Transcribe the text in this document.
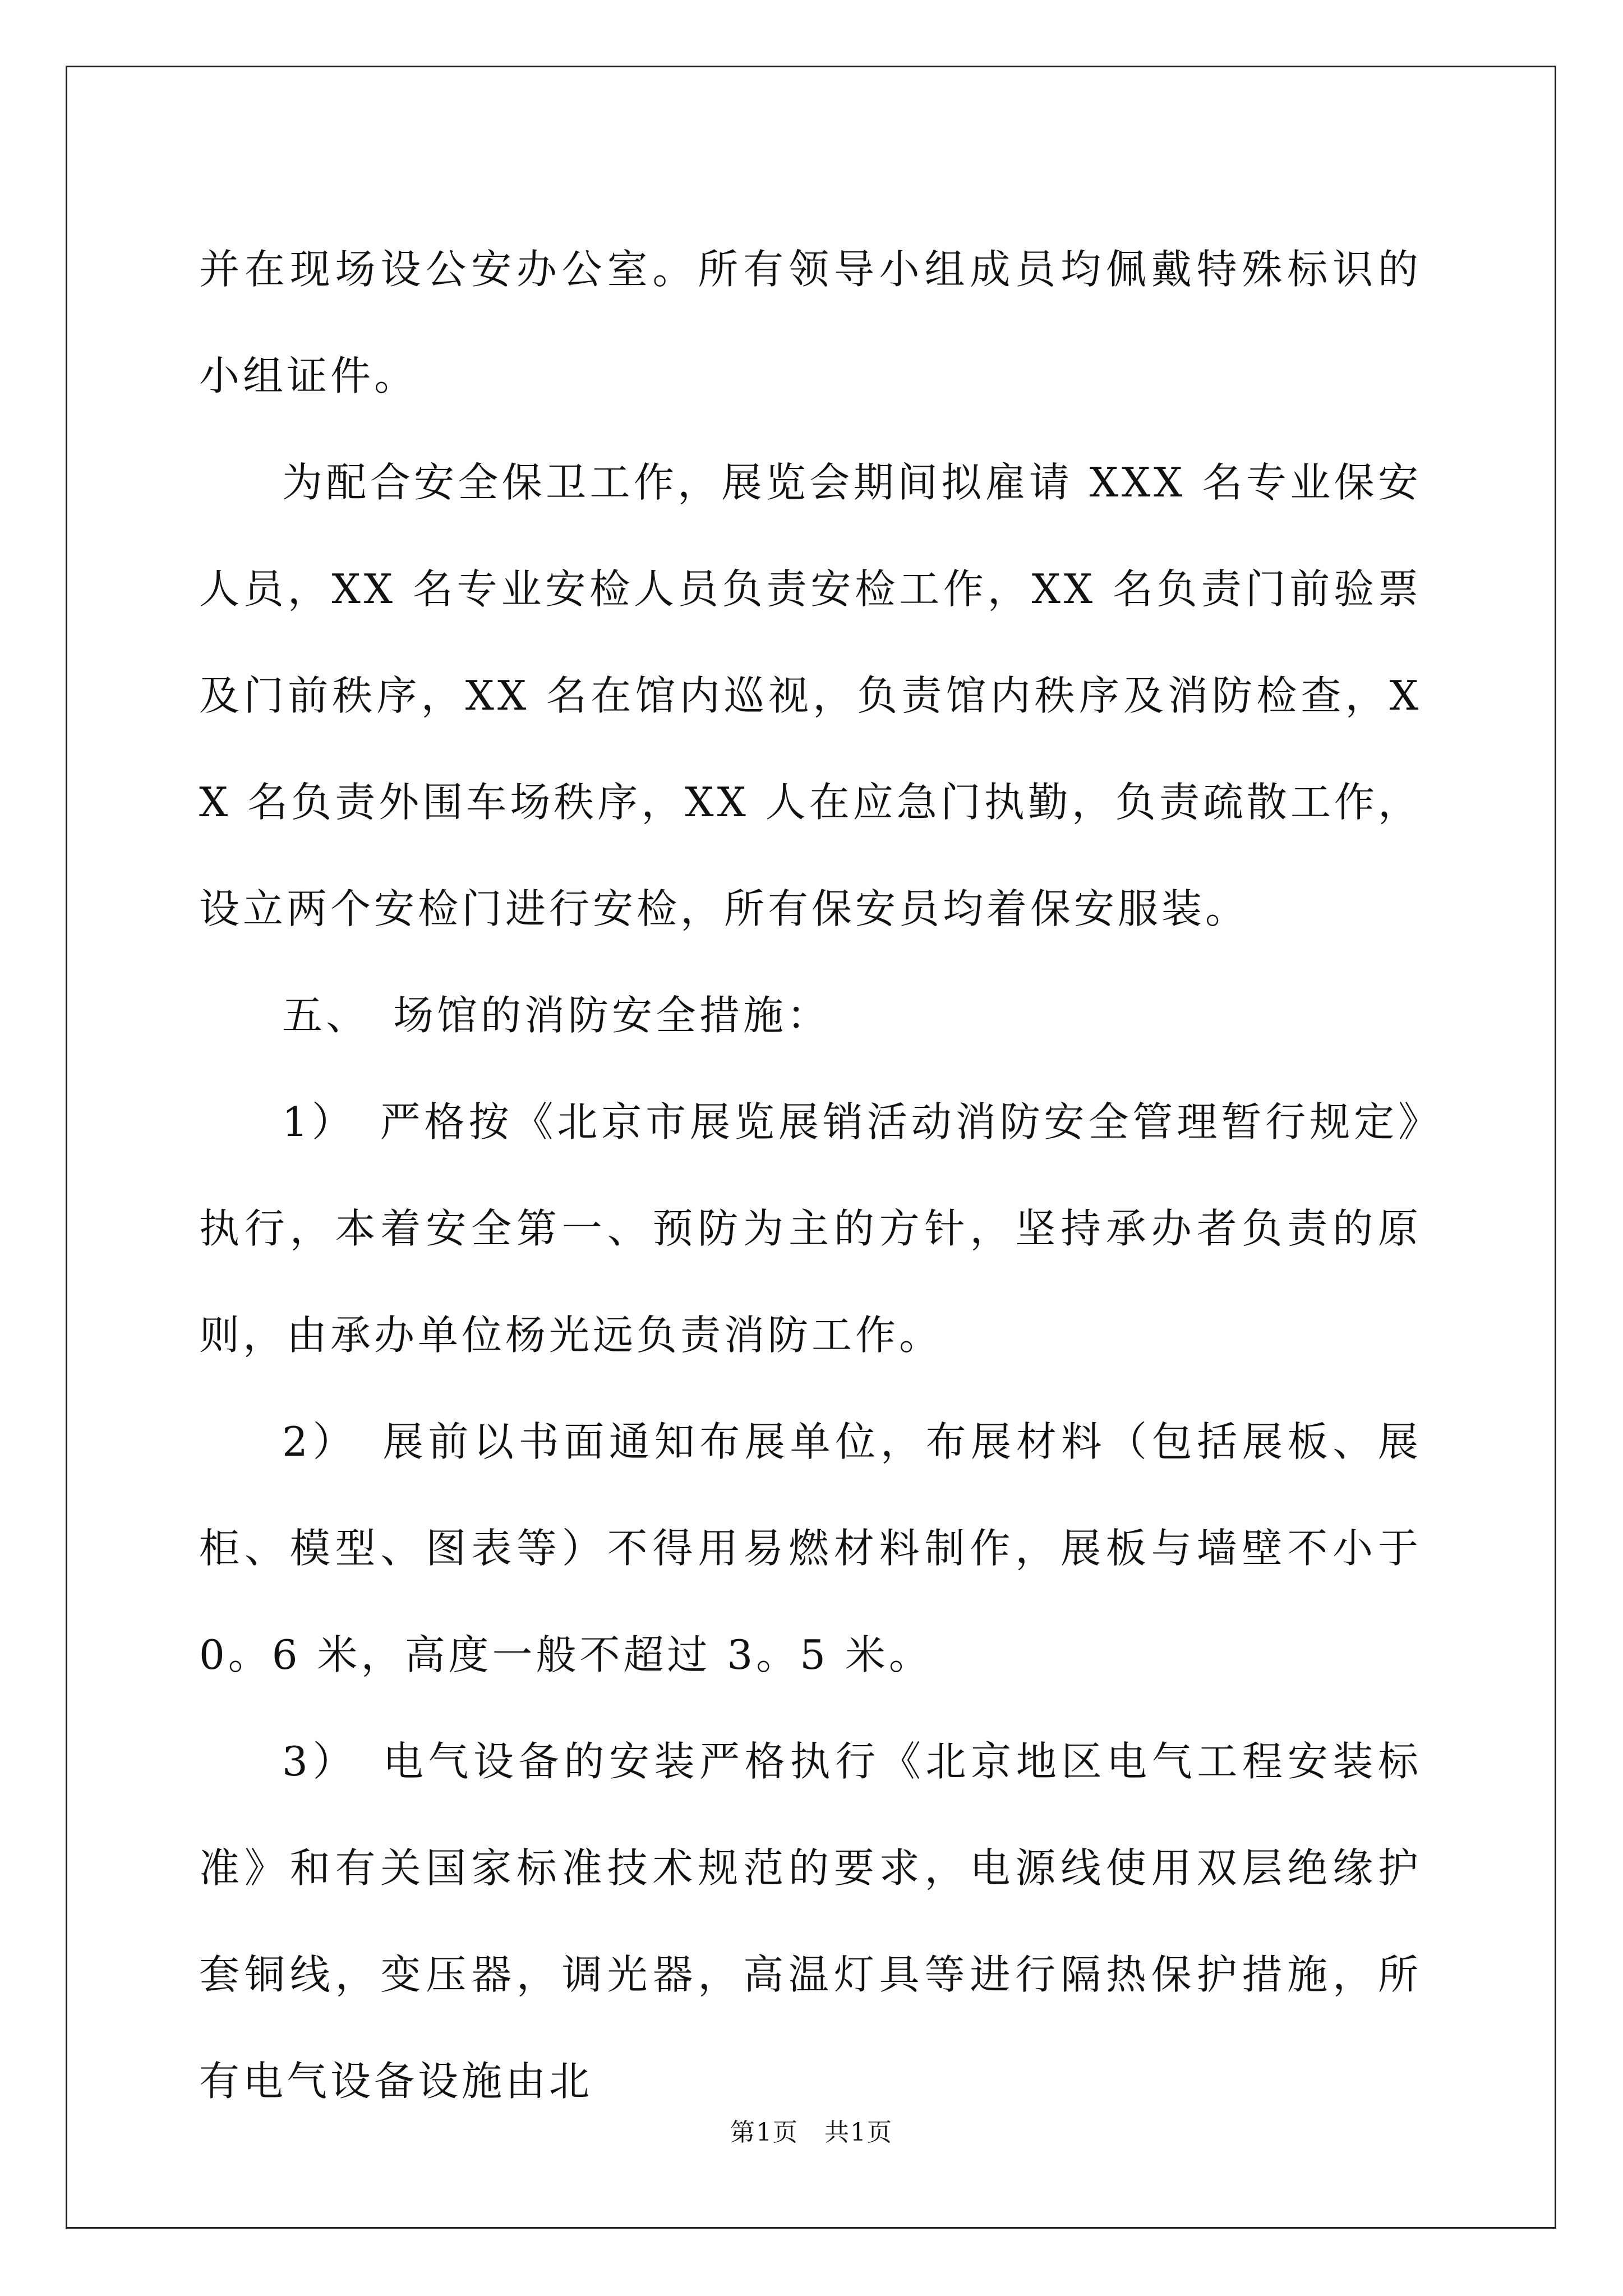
并在现场设公安办公室。所有领导小组成员均佩戴特殊标识的小组证件。

为配合安全保卫工作，展览会期间拟雇请 XXX 名专业保安人员，XX 名专业安检人员负责安检工作，XX 名负责门前验票及门前秩序，XX 名在馆内巡视，负责馆内秩序及消防检查，XX 名负责外围车场秩序，XX 人在应急门执勤，负责疏散工作，设立两个安检门进行安检，所有保安员均着保安服装。

五、　场馆的消防安全措施：

1）　严格按《北京市展览展销活动消防安全管理暂行规定》执行，本着安全第一、预防为主的方针，坚持承办者负责的原则，由承办单位杨光远负责消防工作。

2）　展前以书面通知布展单位，布展材料（包括展板、展柜、模型、图表等）不得用易燃材料制作，展板与墙壁不小于 0。6 米，高度一般不超过 3。5 米。

3）　电气设备的安装严格执行《北京地区电气工程安装标准》和有关国家标准技术规范的要求，电源线使用双层绝缘护套铜线，变压器，调光器，高温灯具等进行隔热保护措施，所有电气设备设施由北

第1页　共1页
